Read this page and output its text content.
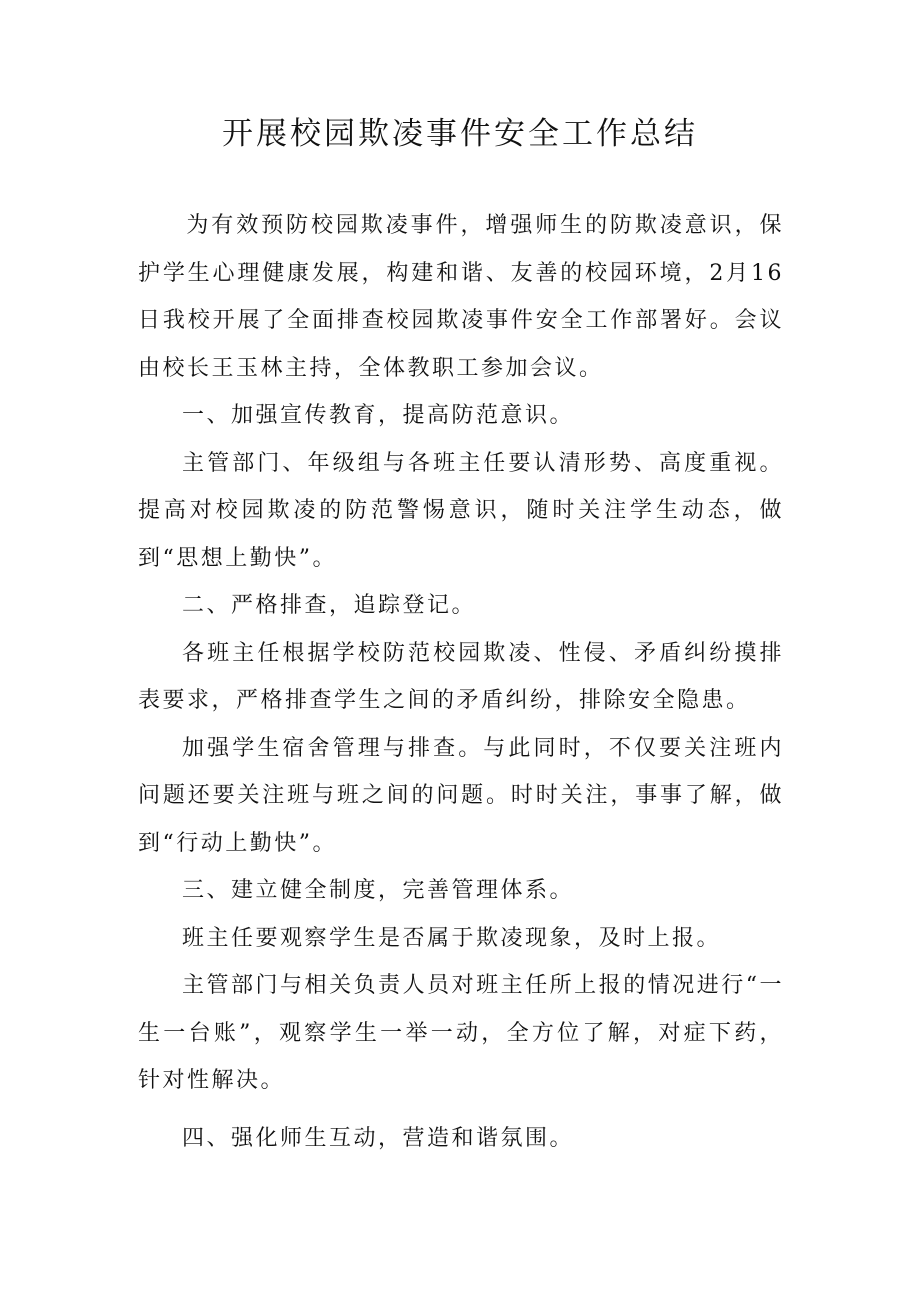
开展校园欺凌事件安全工作总结

为有效预防校园欺凌事件，增强师生的防欺凌意识，保护学生心理健康发展，构建和谐、友善的校园环境，2月16日我校开展了全面排查校园欺凌事件安全工作部署好。会议由校长王玉林主持，全体教职工参加会议。

一、加强宣传教育，提高防范意识。

主管部门、年级组与各班主任要认清形势、高度重视。提高对校园欺凌的防范警惕意识，随时关注学生动态，做到“思想上勤快”。

二、严格排查，追踪登记。

各班主任根据学校防范校园欺凌、性侵、矛盾纠纷摸排表要求，严格排查学生之间的矛盾纠纷，排除安全隐患。

加强学生宿舍管理与排查。与此同时，不仅要关注班内问题还要关注班与班之间的问题。时时关注，事事了解，做到“行动上勤快”。

三、建立健全制度，完善管理体系。

班主任要观察学生是否属于欺凌现象，及时上报。

主管部门与相关负责人员对班主任所上报的情况进行“一生一台账”，观察学生一举一动，全方位了解，对症下药，针对性解决。

四、强化师生互动，营造和谐氛围。
